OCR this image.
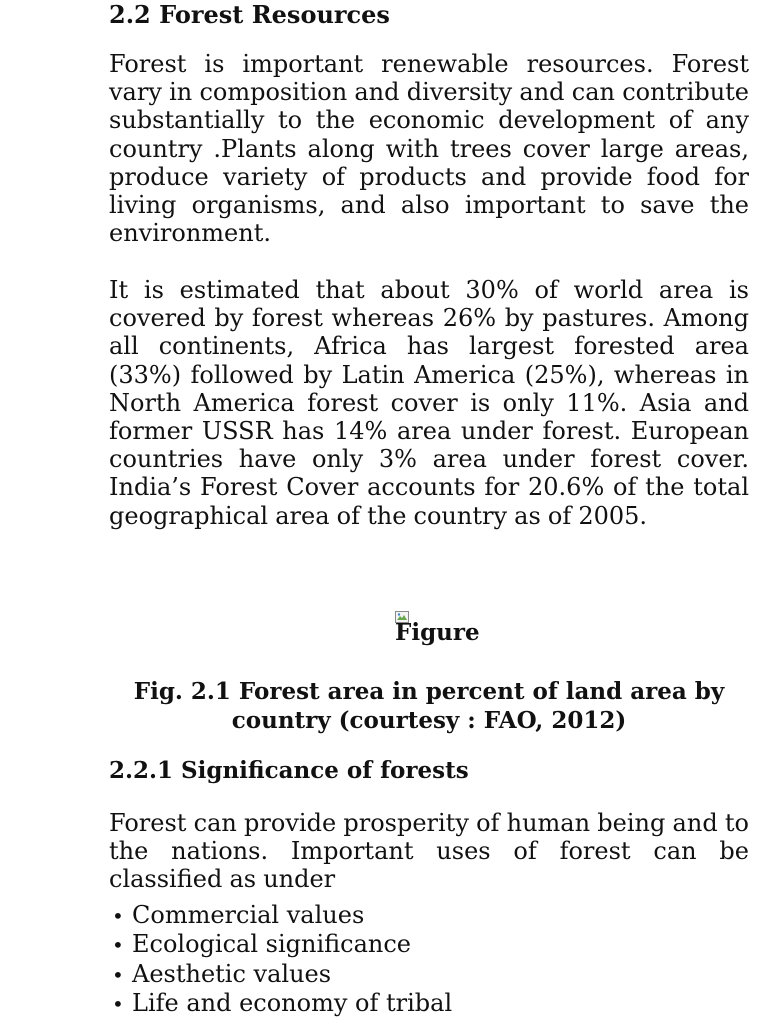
2.2 Forest Resources

Forest is important renewable resources. Forest vary in composition and diversity and can contribute substantially to the economic development of any country .Plants along with trees cover large areas, produce variety of products and provide food for living organisms, and also important to save the environment.

It is estimated that about 30% of world area is covered by forest whereas 26% by pastures. Among all continents, Africa has largest forested area (33%) followed by Latin America (25%), whereas in North America forest cover is only 11%. Asia and former USSR has 14% area under forest. European countries have only 3% area under forest cover. India’s Forest Cover accounts for 20.6% of the total geographical area of the country as of 2005.

Figure

Fig. 2.1 Forest area in percent of land area by country (courtesy : FAO, 2012)

2.2.1 Significance of forests

Forest can provide prosperity of human being and to the nations. Important uses of forest can be classified as under

• Commercial values
• Ecological significance
• Aesthetic values
• Life and economy of tribal
